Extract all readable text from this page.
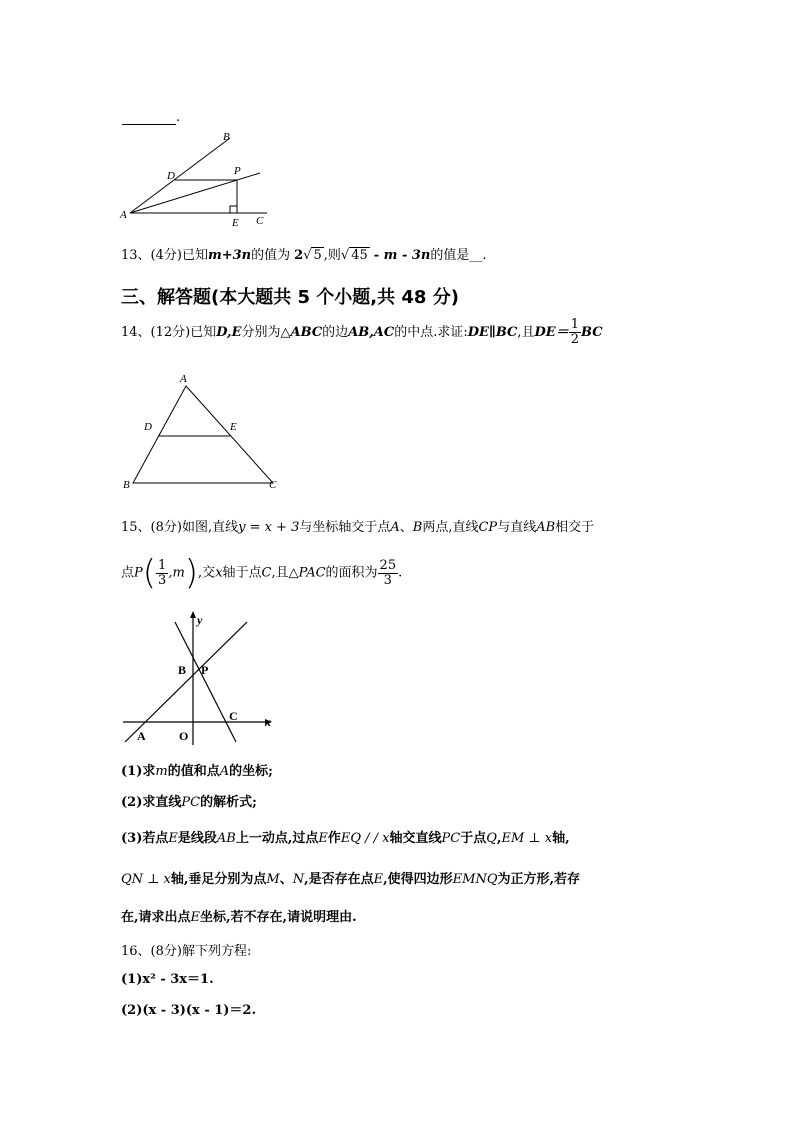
.
B
D	P
A
E C
13、(4分)已知m+3n的值为 2√ 5 ,则√ 45 - m - 3n的值是__.
三、解答题(本大题共 5 个小题,共 48 分)
14、(12分)已知D,E分别为△ABC的边AB,AC的中点.求证:DE∥BC,且$DE= \frac{1}{2}$ BC
A
D	E
B	C
15、(8分)如图,直线y = x + 3与坐标轴交于点A、B两点,直线CP与直线AB相交于
点$P( \frac{1}{3} ,m)$,交x轴于点C,且△PAC的面积为 $\frac{25}{3}$ .
y
x
B P
C
A	O
(1)求m的值和点A的坐标;
(2)求直线PC的解析式;
(3)若点E是线段AB上一动点,过点E作EQ / / x轴交直线PC于点Q,EM ⊥ x轴,
QN ⊥ x轴,垂足分别为点M、N,是否存在点E,使得四边形EMNQ为正方形,若存
在,请求出点E坐标,若不存在,请说明理由.
16、(8分)解下列方程:
(1)x² - 3x＝1.
(2)(x - 3)(x - 1)＝2.
